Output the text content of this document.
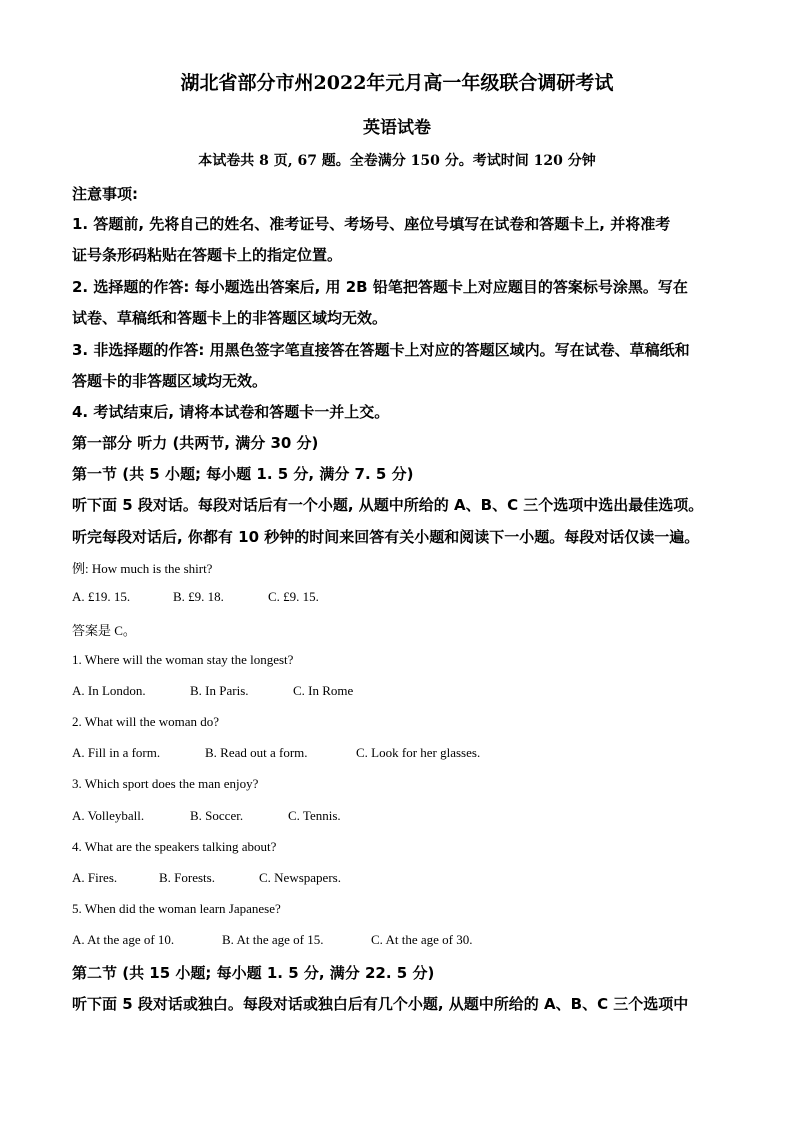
湖北省部分市州2022年元月高一年级联合调研考试
英语试卷
本试卷共 8 页, 67 题。全卷满分 150 分。考试时间 120 分钟
注意事项:
1. 答题前, 先将自己的姓名、准考证号、考场号、座位号填写在试卷和答题卡上, 并将准考
证号条形码粘贴在答题卡上的指定位置。
2. 选择题的作答: 每小题选出答案后, 用 2B 铅笔把答题卡上对应题目的答案标号涂黑。写在
试卷、草稿纸和答题卡上的非答题区域均无效。
3. 非选择题的作答: 用黑色签字笔直接答在答题卡上对应的答题区域内。写在试卷、草稿纸和
答题卡的非答题区域均无效。
4. 考试结束后, 请将本试卷和答题卡一并上交。
第一部分 听力 (共两节, 满分 30 分)
第一节 (共 5 小题; 每小题 1. 5 分, 满分 7. 5 分)
听下面 5 段对话。每段对话后有一个小题, 从题中所给的 A、B、C 三个选项中选出最佳选项。
听完每段对话后, 你都有 10 秒钟的时间来回答有关小题和阅读下一小题。每段对话仅读一遍。
例: How much is the shirt?
A. £19. 15.	B. £9. 18.	C. £9. 15.
答案是 C。
1. Where will the woman stay the longest?
A. In London.	B. In Paris.	C. In Rome
2. What will the woman do?
A. Fill in a form.	B. Read out a form.	C. Look for her glasses.
3. Which sport does the man enjoy?
A. Volleyball.	B. Soccer.	C. Tennis.
4. What are the speakers talking about?
A. Fires.	B. Forests.	C. Newspapers.
5. When did the woman learn Japanese?
A. At the age of 10.	B. At the age of 15.	C. At the age of 30.
第二节 (共 15 小题; 每小题 1. 5 分, 满分 22. 5 分)
听下面 5 段对话或独白。每段对话或独白后有几个小题, 从题中所给的 A、B、C 三个选项中
